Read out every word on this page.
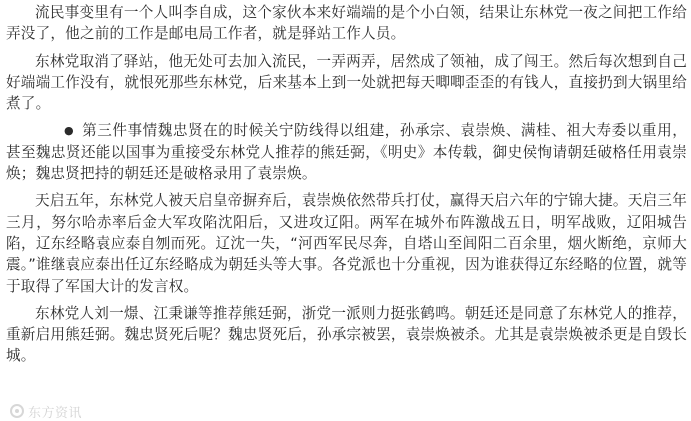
流民事变里有一个人叫李自成，这个家伙本来好端端的是个小白领，结果让东林党一夜之间把工作给弄没了，他之前的工作是邮电局工作者，就是驿站工作人员。

东林党取消了驿站，他无处可去加入流民，一弄两弄，居然成了领袖，成了闯王。然后每次想到自己好端端工作没有，就恨死那些东林党，后来基本上到一处就把每天唧唧歪歪的有钱人，直接扔到大锅里给煮了。

● 第三件事情魏忠贤在的时候关宁防线得以组建，孙承宗、袁崇焕、满桂、祖大寿委以重用，甚至魏忠贤还能以国事为重接受东林党人推荐的熊廷弼，《明史》本传载，御史侯恂请朝廷破格任用袁崇焕；魏忠贤把持的朝廷还是破格录用了袁崇焕。

天启五年，东林党人被天启皇帝摒弃后，袁崇焕依然带兵打仗，赢得天启六年的宁锦大捷。天启三年三月，努尔哈赤率后金大军攻陷沈阳后，又进攻辽阳。两军在城外布阵激战五日，明军战败，辽阳城告陷，辽东经略袁应泰自刎而死。辽沈一失，“河西军民尽奔，自塔山至闾阳二百余里，烟火断绝，京师大震。”谁继袁应泰出任辽东经略成为朝廷头等大事。各党派也十分重视，因为谁获得辽东经略的位置，就等于取得了军国大计的发言权。

东林党人刘一燝、江秉谦等推荐熊廷弼，浙党一派则力挺张鹤鸣。朝廷还是同意了东林党人的推荐，重新启用熊廷弼。魏忠贤死后呢？魏忠贤死后，孙承宗被罢，袁崇焕被杀。尤其是袁崇焕被杀更是自毁长城。

东方资讯
